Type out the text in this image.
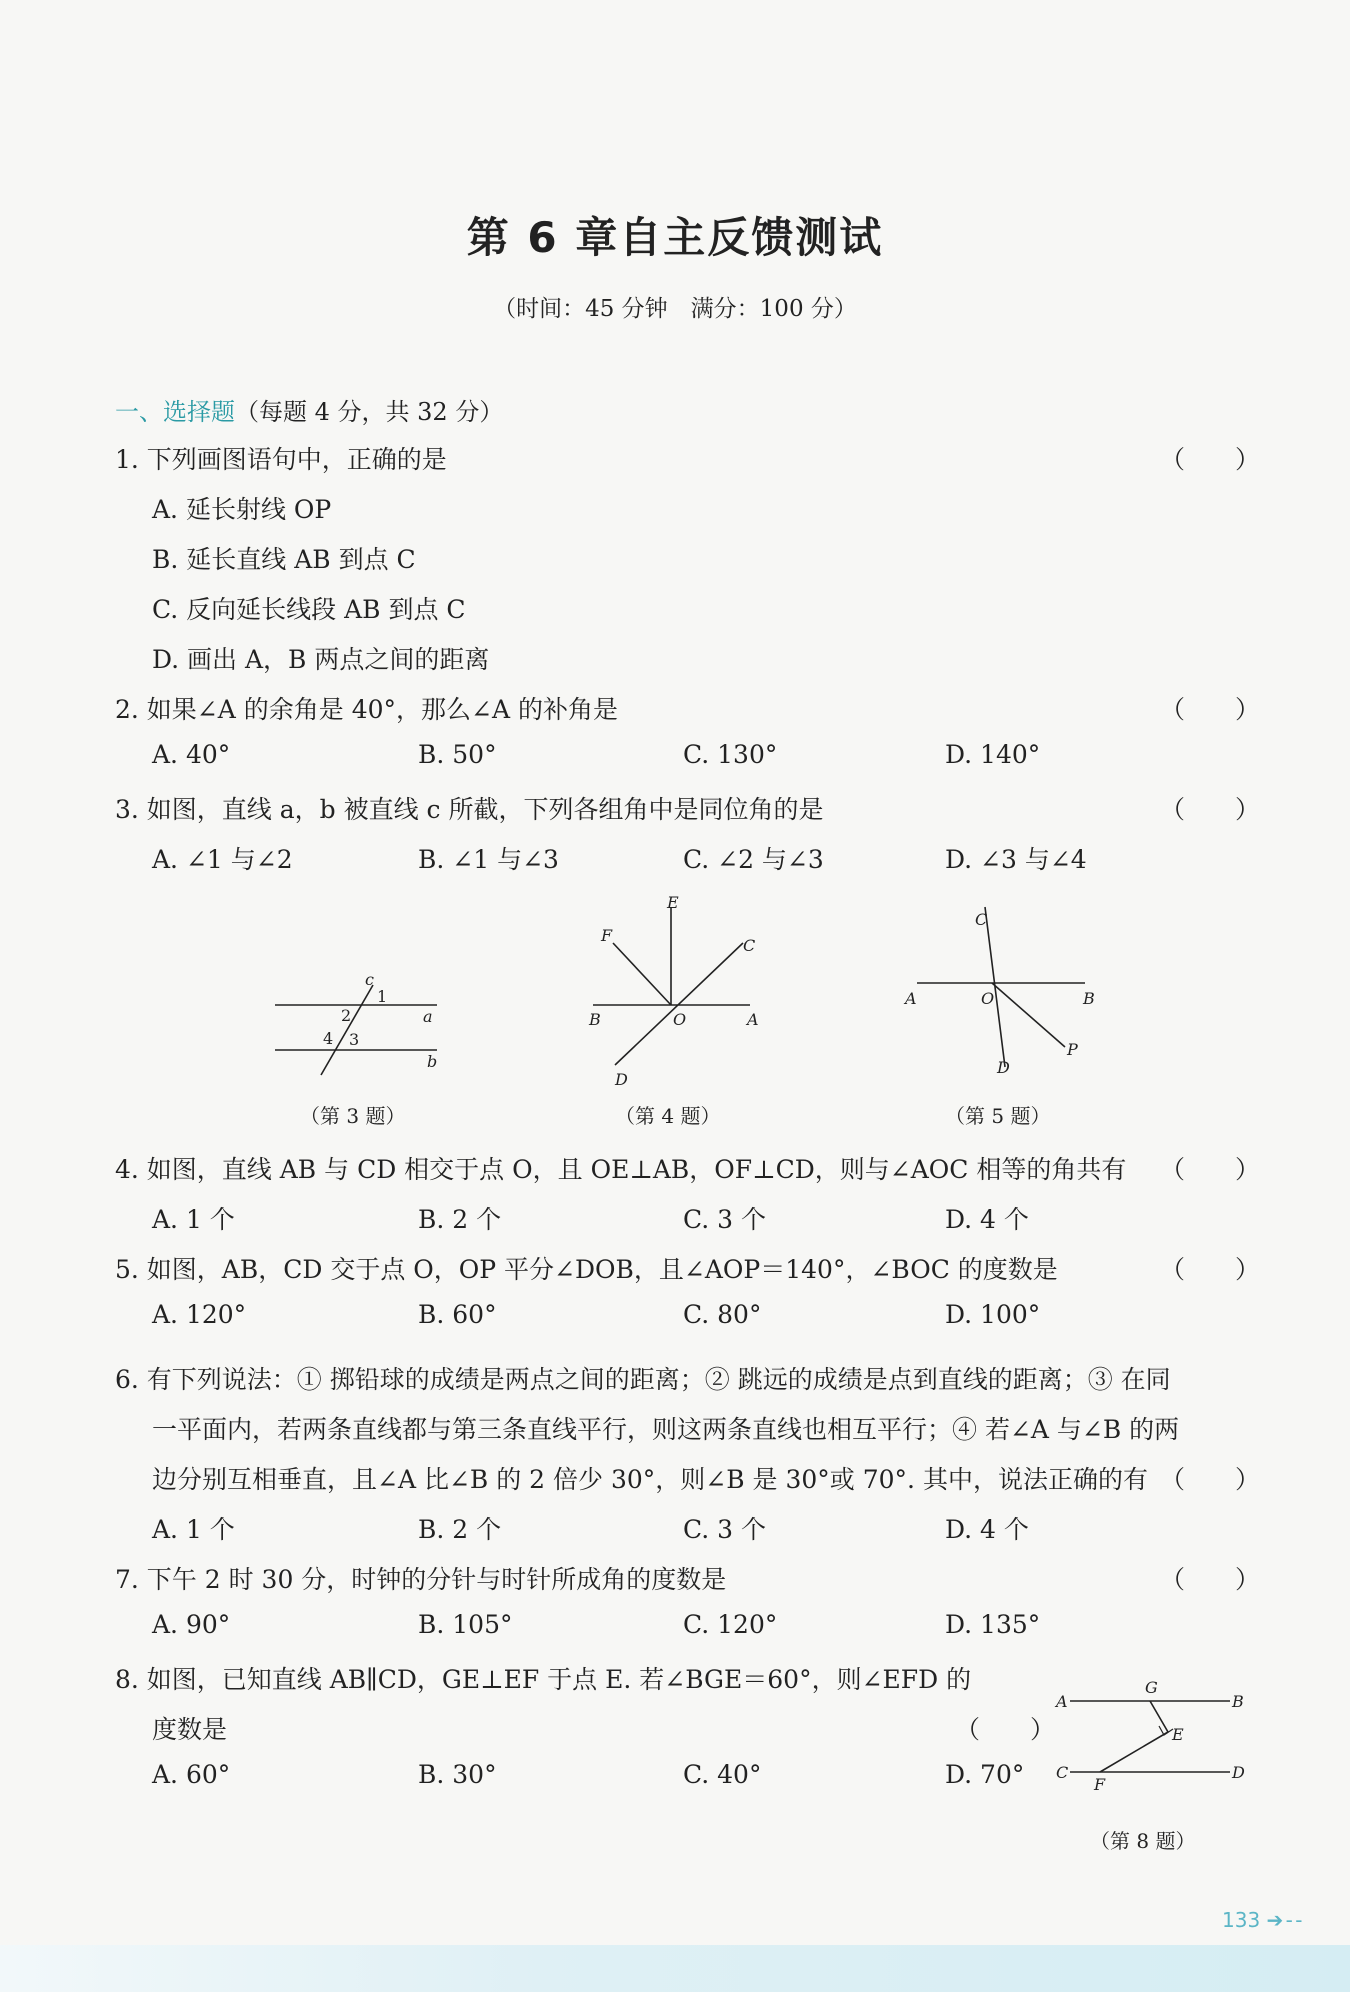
第 6 章自主反馈测试
（时间：45 分钟　满分：100 分）
一、选择题（每题 4 分，共 32 分）
1. 下列画图语句中，正确的是	（　　）
A. 延长射线 OP
B. 延长直线 AB 到点 C
C. 反向延长线段 AB 到点 C
D. 画出 A，B 两点之间的距离
2. 如果∠A 的余角是 40°，那么∠A 的补角是	（　　）
A. 40°	B. 50°	C. 130°	D. 140°
3. 如图，直线 a，b 被直线 c 所截，下列各组角中是同位角的是	（　　）
A. ∠1 与∠2	B. ∠1 与∠3	C. ∠2 与∠3	D. ∠3 与∠4
c
a
b
1
2
3
4
（第 3 题）
E
F
C
B	O	A
D
（第 4 题）
C
A	O	B
D
P
（第 5 题）
4. 如图，直线 AB 与 CD 相交于点 O，且 OE⊥AB，OF⊥CD，则与∠AOC 相等的角共有 （　　）
A. 1 个	B. 2 个	C. 3 个	D. 4 个
5. 如图，AB，CD 交于点 O，OP 平分∠DOB，且∠AOP＝140°，∠BOC 的度数是	（　　）
A. 120°	B. 60°	C. 80°	D. 100°
6. 有下列说法：① 掷铅球的成绩是两点之间的距离；② 跳远的成绩是点到直线的距离；③ 在同
一平面内，若两条直线都与第三条直线平行，则这两条直线也相互平行；④ 若∠A 与∠B 的两
边分别互相垂直，且∠A 比∠B 的 2 倍少 30°，则∠B 是 30°或 70°. 其中，说法正确的有 （　　）
A. 1 个	B. 2 个	C. 3 个	D. 4 个
7. 下午 2 时 30 分，时钟的分针与时针所成角的度数是	（　　）
A. 90°	B. 105°	C. 120°	D. 135°
8. 如图，已知直线 AB∥CD，GE⊥EF 于点 E. 若∠BGE＝60°，则∠EFD 的
度数是	（　　）
A. 60°	B. 30°	C. 40°	D. 70°
A
G
B
E
C
F
D
（第 8 题）
133 ➔ - -
